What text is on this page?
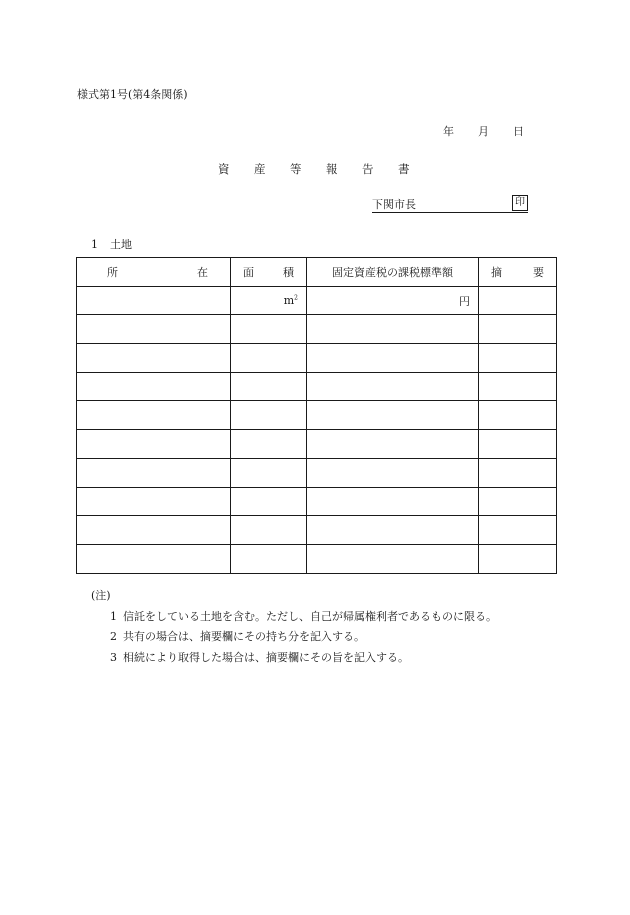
様式第1号(第4条関係)
年 月 日
資 産 等 報 告 書
下関市長	印
1 土地
所 在	面 積	固定資産税の課税標準額	摘 要

	$m^2$	円	

(注)
1 信託をしている土地を含む。ただし、自己が帰属権利者であるものに限る。
2 共有の場合は、摘要欄にその持ち分を記入する。
3 相続により取得した場合は、摘要欄にその旨を記入する。
